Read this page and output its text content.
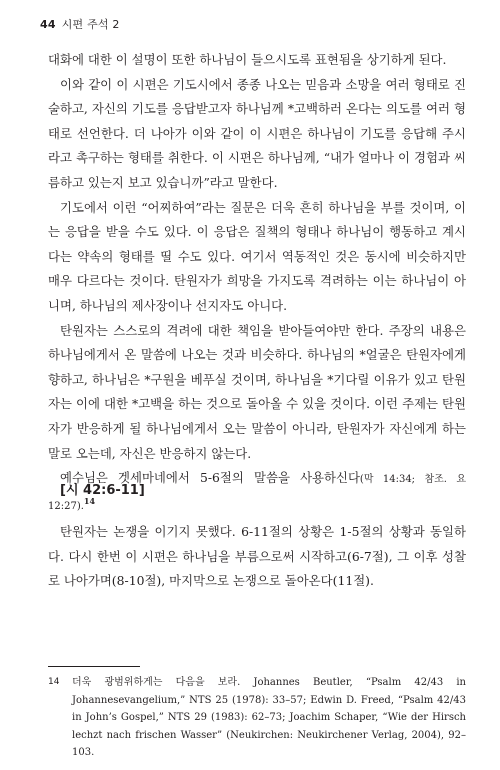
44 시편 주석 2

대화에 대한 이 설명이 또한 하나님이 들으시도록 표현됨을 상기하게 된다.

이와 같이 이 시편은 기도시에서 종종 나오는 믿음과 소망을 여러 형태로 진술하고, 자신의 기도를 응답받고자 하나님께 *고백하러 온다는 의도를 여러 형태로 선언한다. 더 나아가 이와 같이 이 시편은 하나님이 기도를 응답해 주시라고 촉구하는 형태를 취한다. 이 시편은 하나님께, “내가 얼마나 이 경험과 씨름하고 있는지 보고 있습니까”라고 말한다.

기도에서 이런 “어찌하여”라는 질문은 더욱 흔히 하나님을 부를 것이며, 이는 응답을 받을 수도 있다. 이 응답은 질책의 형태나 하나님이 행동하고 계시다는 약속의 형태를 띨 수도 있다. 여기서 역동적인 것은 동시에 비슷하지만 매우 다르다는 것이다. 탄원자가 희망을 가지도록 격려하는 이는 하나님이 아니며, 하나님의 제사장이나 선지자도 아니다.

탄원자는 스스로의 격려에 대한 책임을 받아들여야만 한다. 주장의 내용은 하나님에게서 온 말씀에 나오는 것과 비슷하다. 하나님의 *얼굴은 탄원자에게 향하고, 하나님은 *구원을 베푸실 것이며, 하나님을 *기다릴 이유가 있고 탄원자는 이에 대한 *고백을 하는 것으로 돌아올 수 있을 것이다. 이런 주제는 탄원자가 반응하게 될 하나님에게서 오는 말씀이 아니라, 탄원자가 자신에게 하는 말로 오는데, 자신은 반응하지 않는다.

예수님은 겟세마네에서 5-6절의 말씀을 사용하신다(막 14:34; 참조. 요 12:27).$^{14}$

[시 42:6-11]

탄원자는 논쟁을 이기지 못했다. 6-11절의 상황은 1-5절의 상황과 동일하다. 다시 한번 이 시편은 하나님을 부름으로써 시작하고(6-7절), 그 이후 성찰로 나아가며(8-10절), 마지막으로 논쟁으로 돌아온다(11절).

14 더욱 광범위하게는 다음을 보라. Johannes Beutler, “Psalm 42/43 in Johannesevangelium,” NTS 25 (1978): 33–57; Edwin D. Freed, “Psalm 42/43 in John’s Gospel,” NTS 29 (1983): 62–73; Joachim Schaper, “Wie der Hirsch lechzt nach frischen Wasser” (Neukirchen: Neukirchener Verlag, 2004), 92–103.
